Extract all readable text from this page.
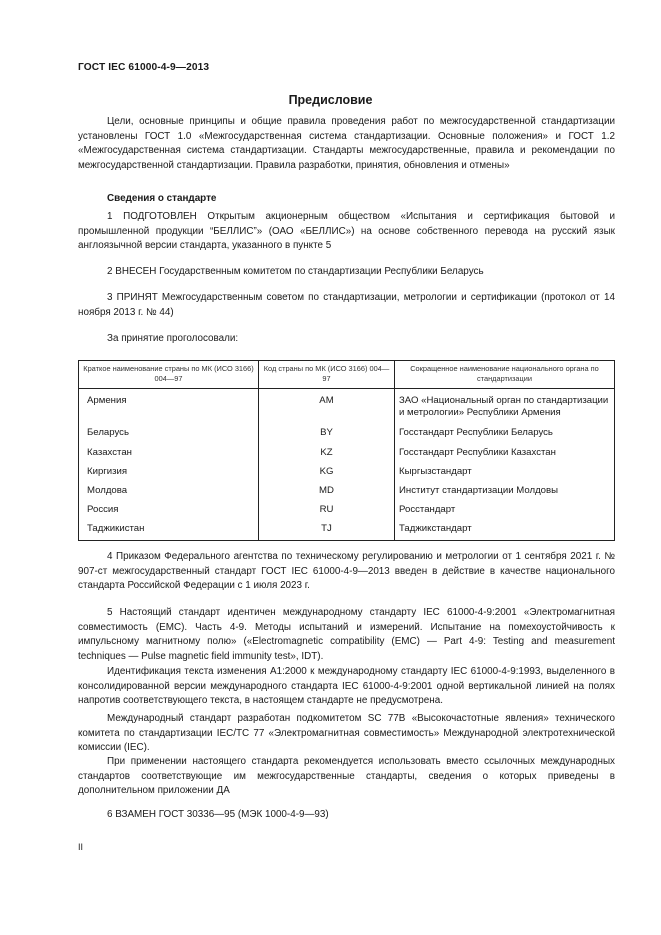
ГОСТ IEC 61000-4-9—2013
Предисловие

Цели, основные принципы и общие правила проведения работ по межгосударственной стандартизации установлены ГОСТ 1.0 «Межгосударственная система стандартизации. Основные положения» и ГОСТ 1.2 «Межгосударственная система стандартизации. Стандарты межгосударственные, правила и рекомендации по межгосударственной стандартизации. Правила разработки, принятия, обновления и отмены»

Сведения о стандарте

1 ПОДГОТОВЛЕН Открытым акционерным обществом «Испытания и сертификация бытовой и промышленной продукции “БЕЛЛИС”» (ОАО «БЕЛЛИС») на основе собственного перевода на русский язык англоязычной версии стандарта, указанного в пункте 5

2 ВНЕСЕН Государственным комитетом по стандартизации Республики Беларусь

3 ПРИНЯТ Межгосударственным советом по стандартизации, метрологии и сертификации (протокол от 14 ноября 2013 г. № 44)

За принятие проголосовали:

Краткое наименование страны по МК (ИСО 3166) 004—97	Код страны по МК (ИСО 3166) 004—97	Сокращенное наименование национального органа по стандартизации
Армения	AM	ЗАО «Национальный орган по стандартизации и метрологии» Республики Армения
Беларусь	BY	Госстандарт Республики Беларусь
Казахстан	KZ	Госстандарт Республики Казахстан
Киргизия	KG	Кыргызстандарт
Молдова	MD	Институт стандартизации Молдовы
Россия	RU	Росстандарт
Таджикистан	TJ	Таджикстандарт

4 Приказом Федерального агентства по техническому регулированию и метрологии от 1 сентября 2021 г. № 907-ст межгосударственный стандарт ГОСТ IEC 61000-4-9—2013 введен в действие в качестве национального стандарта Российской Федерации с 1 июля 2023 г.

5 Настоящий стандарт идентичен международному стандарту IEC 61000-4-9:2001 «Электромагнитная совместимость (ЕМС). Часть 4-9. Методы испытаний и измерений. Испытание на помехоустойчивость к импульсному магнитному полю» («Electromagnetic compatibility (EMC) — Part 4-9: Testing and measurement techniques — Pulse magnetic field immunity test», IDT).

Идентификация текста изменения А1:2000 к международному стандарту IEC 61000-4-9:1993, выделенного в консолидированной версии международного стандарта IEC 61000-4-9:2001 одной вертикальной линией на полях напротив соответствующего текста, в настоящем стандарте не предусмотрена.

Международный стандарт разработан подкомитетом SC 77B «Высокочастотные явления» технического комитета по стандартизации IEC/TC 77 «Электромагнитная совместимость» Международной электротехнической комиссии (IEC).

При применении настоящего стандарта рекомендуется использовать вместо ссылочных международных стандартов соответствующие им межгосударственные стандарты, сведения о которых приведены в дополнительном приложении ДА

6 ВЗАМЕН ГОСТ 30336—95 (МЭК 1000-4-9—93)

II
